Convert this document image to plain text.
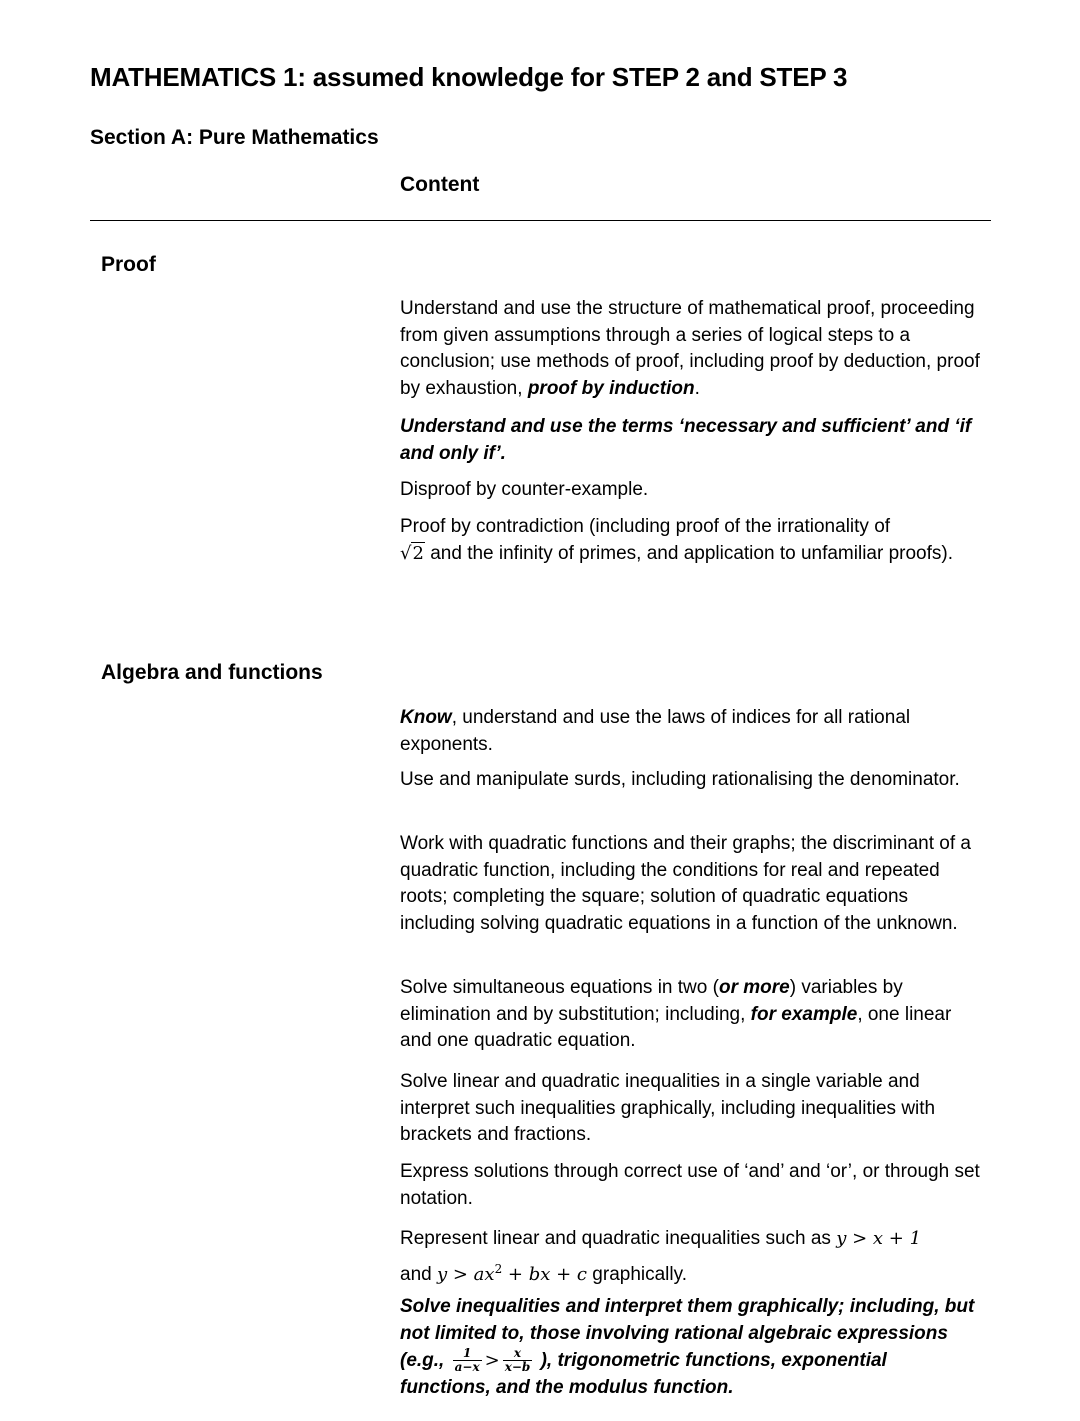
MATHEMATICS 1: assumed knowledge for STEP 2 and STEP 3
Section A: Pure Mathematics
Content
Proof
Understand and use the structure of mathematical proof, proceeding from given assumptions through a series of logical steps to a conclusion; use methods of proof, including proof by deduction, proof by exhaustion, proof by induction.
Understand and use the terms ‘necessary and sufficient’ and ‘if and only if’.
Disproof by counter-example.
Proof by contradiction (including proof of the irrationality of
√2 and the infinity of primes, and application to unfamiliar proofs).
Algebra and functions
Know, understand and use the laws of indices for all rational exponents.
Use and manipulate surds, including rationalising the denominator.
Work with quadratic functions and their graphs; the discriminant of a quadratic function, including the conditions for real and repeated roots; completing the square; solution of quadratic equations including solving quadratic equations in a function of the unknown.
Solve simultaneous equations in two (or more) variables by elimination and by substitution; including, for example, one linear and one quadratic equation.
Solve linear and quadratic inequalities in a single variable and interpret such inequalities graphically, including inequalities with brackets and fractions.
Express solutions through correct use of ‘and’ and ‘or’, or through set notation.
Represent linear and quadratic inequalities such as y > x + 1
and $y > ax^2$ + bx + c graphically.
Solve inequalities and interpret them graphically; including, but not limited to, those involving rational algebraic expressions (e.g., $\frac{1}{a-x} > \frac{x}{x-b}$ ), trigonometric functions, exponential functions, and the modulus function.
